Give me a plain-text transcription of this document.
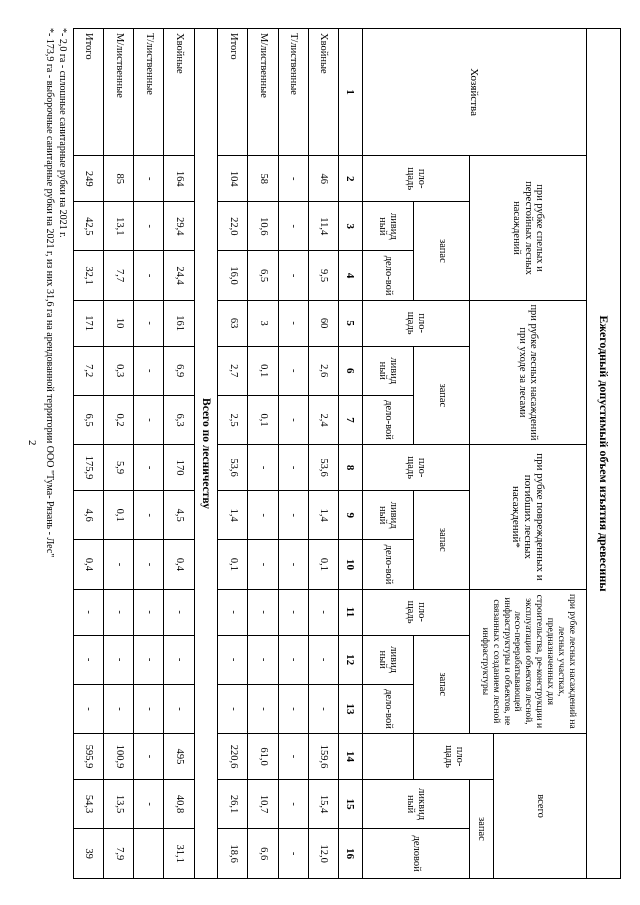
Ежегодный допустимый объем изъятия древесины															
Хозяйства	при рубке спелых и перестойных лесных насаждений			при рубке лесных насаждений при уходе за лесами			при рубке поврежденных и погибших лесных насаждений*			при рубке лесных насаждений на лесных участках, предназначенных для строительства, ре-конструкции и эксплуатации объектов лесной, лесо-перерабатывающей инфраструктуры и объектов, не связанных с созданием лесной инфраструктуры			всего		
													пло-щадь	запас	
	пло-щадь	запас		пло-щадь	запас		пло-щадь	запас		пло-щадь	запас			ликвид ный	деловой
		ливид ный	дело-вой		ливид ный	дело-вой		ливид ный	дело-вой		ливид ный	дело-вой			
1	2	3	4	5	6	7	8	9	10	11	12	13	14	15	16
Хвойные	46	11,4	9,5	60	2,6	2,4	53,6	1,4	0,1	-	-	-	159,6	15,4	12,0
Т/лиственные	-	-	-	-	-	-	-	-	-	-	-	-	-	-	-
М/лиственные	58	10,6	6,5	3	0,1	0,1	-	-	-	-	-	-	61,0	10,7	6,6
Итого	104	22,0	16,0	63	2,7	2,5	53,6	1,4	0,1	-	-	-	220,6	26,1	18,6
Всего по лесничеству															
Хвойные	164	29,4	24,4	161	6,9	6,3	170	4,5	0,4	-	-	-	495	40,8	31,1
Т/лиственные	-	-	-	-	-	-	-	-	-	-	-	-	-	-	
М/лиственные	85	13,1	7,7	10	0,3	0,2	5,9	0,1	-	-	-	-	100,9	13,5	7,9
Итого	249	42,5	32,1	171	7,2	6,5	175,9	4,6	0,4	-	-	-	595,9	54,3	39
*- 2,0 га - сплошные санитарные рубки на 2021 г.
*- 173,9 га - выборочные санитарные рубки на 2021 г, из них 31,6 га на арендованной территории ООО "Тума- Рязань - Лес"
2
